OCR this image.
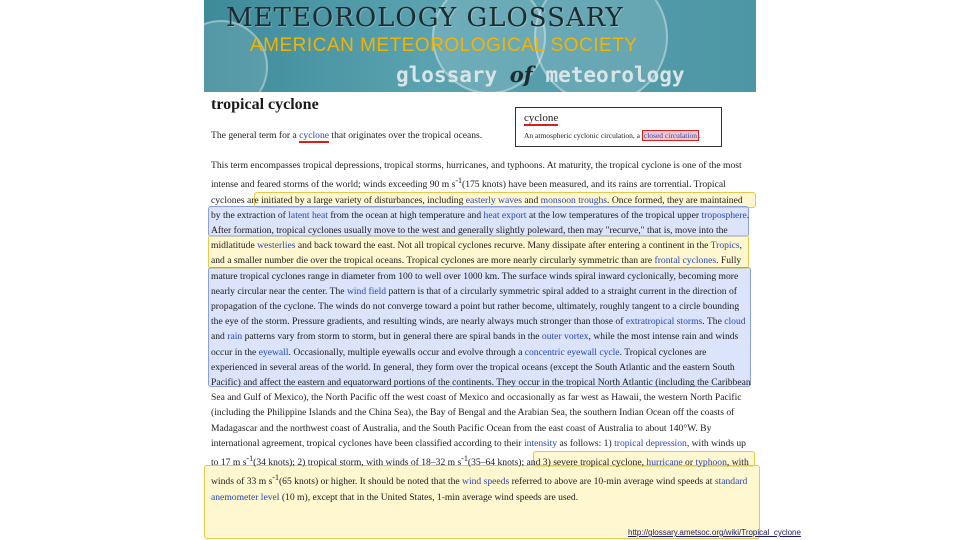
METEOROLOGY GLOSSARY
AMERICAN METEOROLOGICAL SOCIETY
glossary of meteorology
tropical cyclone

The general term for a cyclone that originates over the tropical oceans.

cyclone
An atmospheric cyclonic circulation, a closed circulation .

This term encompasses tropical depressions, tropical storms, hurricanes, and typhoons. At maturity, the tropical cyclone is one of the most intense and feared storms of the world; winds exceeding 90 m $s^{-1}(175$ knots) have been measured, and its rains are torrential. Tropical cyclones are initiated by a large variety of disturbances, including easterly waves and monsoon troughs. Once formed, they are maintained by the extraction of latent heat from the ocean at high temperature and heat export at the low temperatures of the tropical upper troposphere. After formation, tropical cyclones usually move to the west and generally slightly poleward, then may "recurve," that is, move into the midlatitude westerlies and back toward the east. Not all tropical cyclones recurve. Many dissipate after entering a continent in the Tropics, and a smaller number die over the tropical oceans. Tropical cyclones are more nearly circularly symmetric than are frontal cyclones. Fully mature tropical cyclones range in diameter from 100 to well over 1000 km. The surface winds spiral inward cyclonically, becoming more nearly circular near the center. The wind field pattern is that of a circularly symmetric spiral added to a straight current in the direction of propagation of the cyclone. The winds do not converge toward a point but rather become, ultimately, roughly tangent to a circle bounding the eye of the storm. Pressure gradients, and resulting winds, are nearly always much stronger than those of extratropical storms. The cloud and rain patterns vary from storm to storm, but in general there are spiral bands in the outer vortex, while the most intense rain and winds occur in the eyewall. Occasionally, multiple eyewalls occur and evolve through a concentric eyewall cycle. Tropical cyclones are experienced in several areas of the world. In general, they form over the tropical oceans (except the South Atlantic and the eastern South Pacific) and affect the eastern and equatorward portions of the continents. They occur in the tropical North Atlantic (including the Caribbean Sea and Gulf of Mexico), the North Pacific off the west coast of Mexico and occasionally as far west as Hawaii, the western North Pacific (including the Philippine Islands and the China Sea), the Bay of Bengal and the Arabian Sea, the southern Indian Ocean off the coasts of Madagascar and the northwest coast of Australia, and the South Pacific Ocean from the east coast of Australia to about 140°W. By international agreement, tropical cyclones have been classified according to their intensity as follows: 1) tropical depression, with winds up to 17 m $s^{-1}(34$ knots); 2) tropical storm, with winds of 18–32 m $s^{-1}(35-64$ knots); and 3) severe tropical cyclone, hurricane or typhoon, with winds of 33 m $s^{-1}(65$ knots) or higher. It should be noted that the wind speeds referred to above are 10-min average wind speeds at standard anemometer level (10 m), except that in the United States, 1-min average wind speeds are used.

http://glossary.ametsoc.org/wiki/Tropical_cyclone
